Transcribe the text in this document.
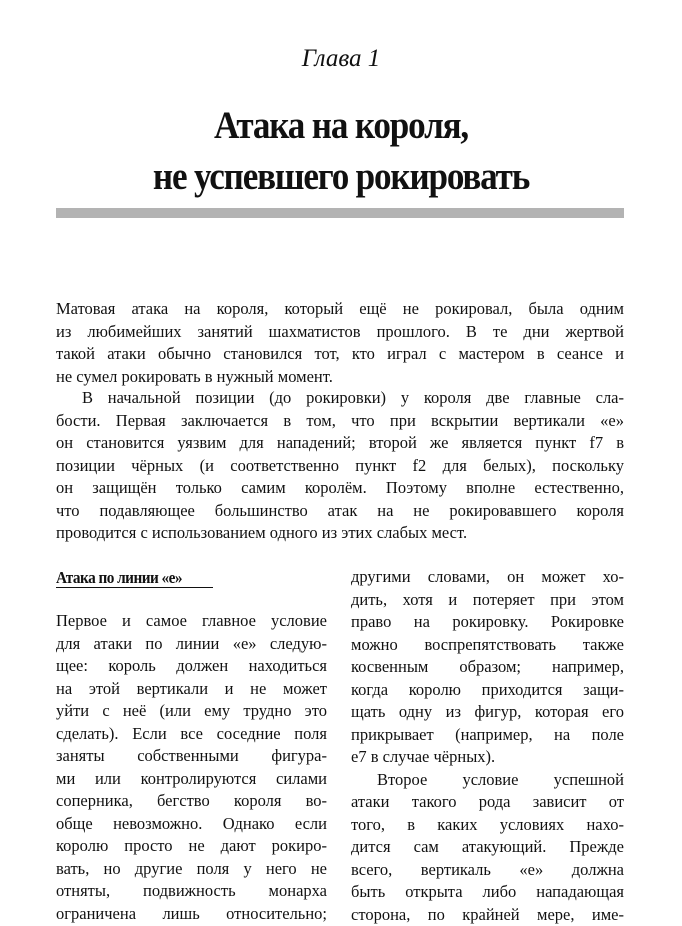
Глава 1
Атака на короля,
не успевшего рокировать

Матовая атака на короля, который ещё не рокировал, была одним
из любимейших занятий шахматистов прошлого. В те дни жертвой
такой атаки обычно становился тот, кто играл с мастером в сеансе и
не сумел рокировать в нужный момент.

В начальной позиции (до рокировки) у короля две главные сла-
бости. Первая заключается в том, что при вскрытии вертикали «е»
он становится уязвим для нападений; второй же является пункт f7 в
позиции чёрных (и соответственно пункт f2 для белых), поскольку
он защищён только самим королём. Поэтому вполне естественно,
что подавляющее большинство атак на не рокировавшего короля
проводится с использованием одного из этих слабых мест.

Атака по линии «е»

Первое и самое главное условие
для атаки по линии «е» следую-
щее: король должен находиться
на этой вертикали и не может
уйти с неё (или ему трудно это
сделать). Если все соседние поля
заняты собственными фигура-
ми или контролируются силами
соперника, бегство короля во-
обще невозможно. Однако если
королю просто не дают рокиро-
вать, но другие поля у него не
отняты, подвижность монарха
ограничена лишь относительно;

другими словами, он может хо-
дить, хотя и потеряет при этом
право на рокировку. Рокировке
можно воспрепятствовать также
косвенным образом; например,
когда королю приходится защи-
щать одну из фигур, которая его
прикрывает (например, на поле
e7 в случае чёрных).
Второе условие успешной
атаки такого рода зависит от
того, в каких условиях нахо-
дится сам атакующий. Прежде
всего, вертикаль «е» должна
быть открыта либо нападающая
сторона, по крайней мере, име-
